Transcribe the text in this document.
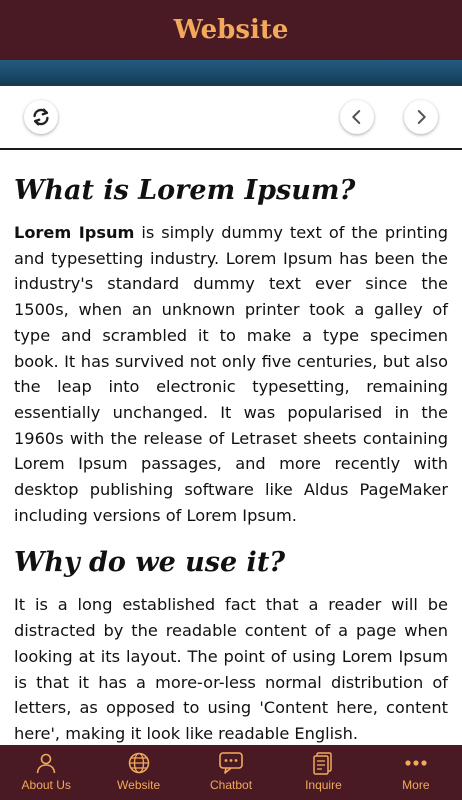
Website
What is Lorem Ipsum?

Lorem Ipsum is simply dummy text of the printing and typesetting industry. Lorem Ipsum has been the industry's standard dummy text ever since the 1500s, when an unknown printer took a galley of type and scrambled it to make a type specimen book. It has survived not only five centuries, but also the leap into electronic typesetting, remaining essentially unchanged. It was popularised in the 1960s with the release of Letraset sheets containing Lorem Ipsum passages, and more recently with desktop publishing software like Aldus PageMaker including versions of Lorem Ipsum.

Why do we use it?

It is a long established fact that a reader will be distracted by the readable content of a page when looking at its layout. The point of using Lorem Ipsum is that it has a more-or-less normal distribution of letters, as opposed to using 'Content here, content here', making it look like readable English.

About Us	Website	Chatbot	Inquire	More
